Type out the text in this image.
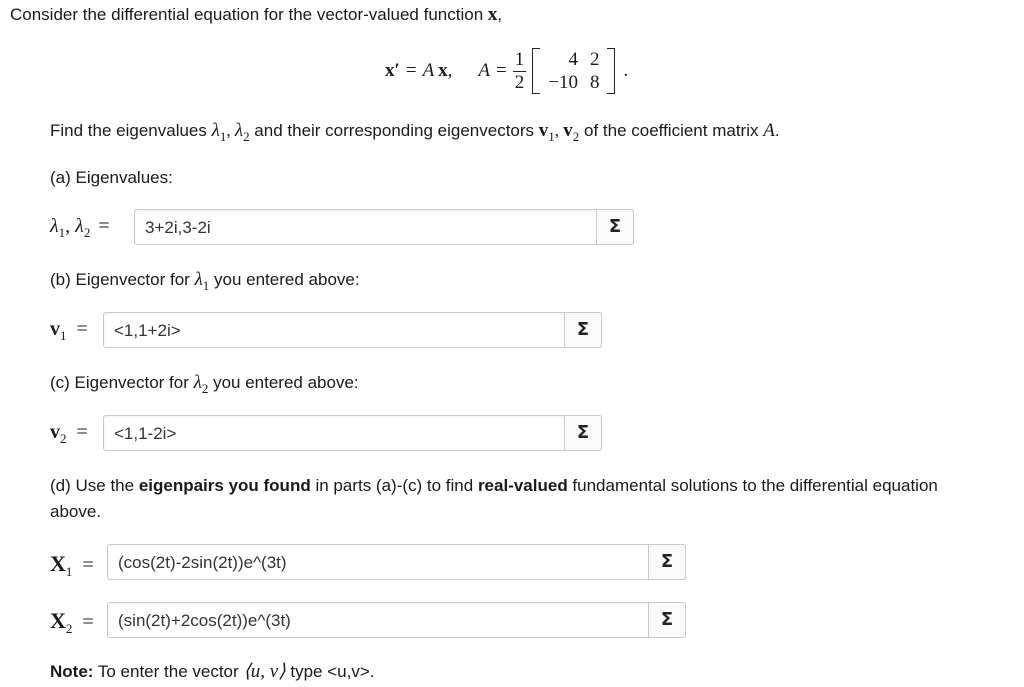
Consider the differential equation for the vector-valued function x,
x′ = A x , $A = \frac{1}{2} 4$	2
−10	8
.
Find the eigenvalues $\lambda_1$, $\lambda_2$ and their corresponding eigenvectors $v_1$, $v_2$ of the coefficient matrix A.
(a) Eigenvalues:
$\lambda_1$, $\lambda_2 = 3+2i,3-2i$	Σ
(b) Eigenvector for $\lambda_1$ you entered above:
$v_1 = <1,1+2i>$	Σ
(c) Eigenvector for $\lambda_2$ you entered above:
$v_2 = <1,1-2i>$	Σ
(d) Use the eigenpairs you found in parts (a)-(c) to find real-valued fundamental solutions to the differential equation
above.
$X_1$ = (cos(2t)-2sin(2t))e^(3t)	Σ
$X_2$ = (sin(2t)+2cos(2t))e^(3t)	Σ
Note: To enter the vector ⟨u, v⟩ type <u,v>.
